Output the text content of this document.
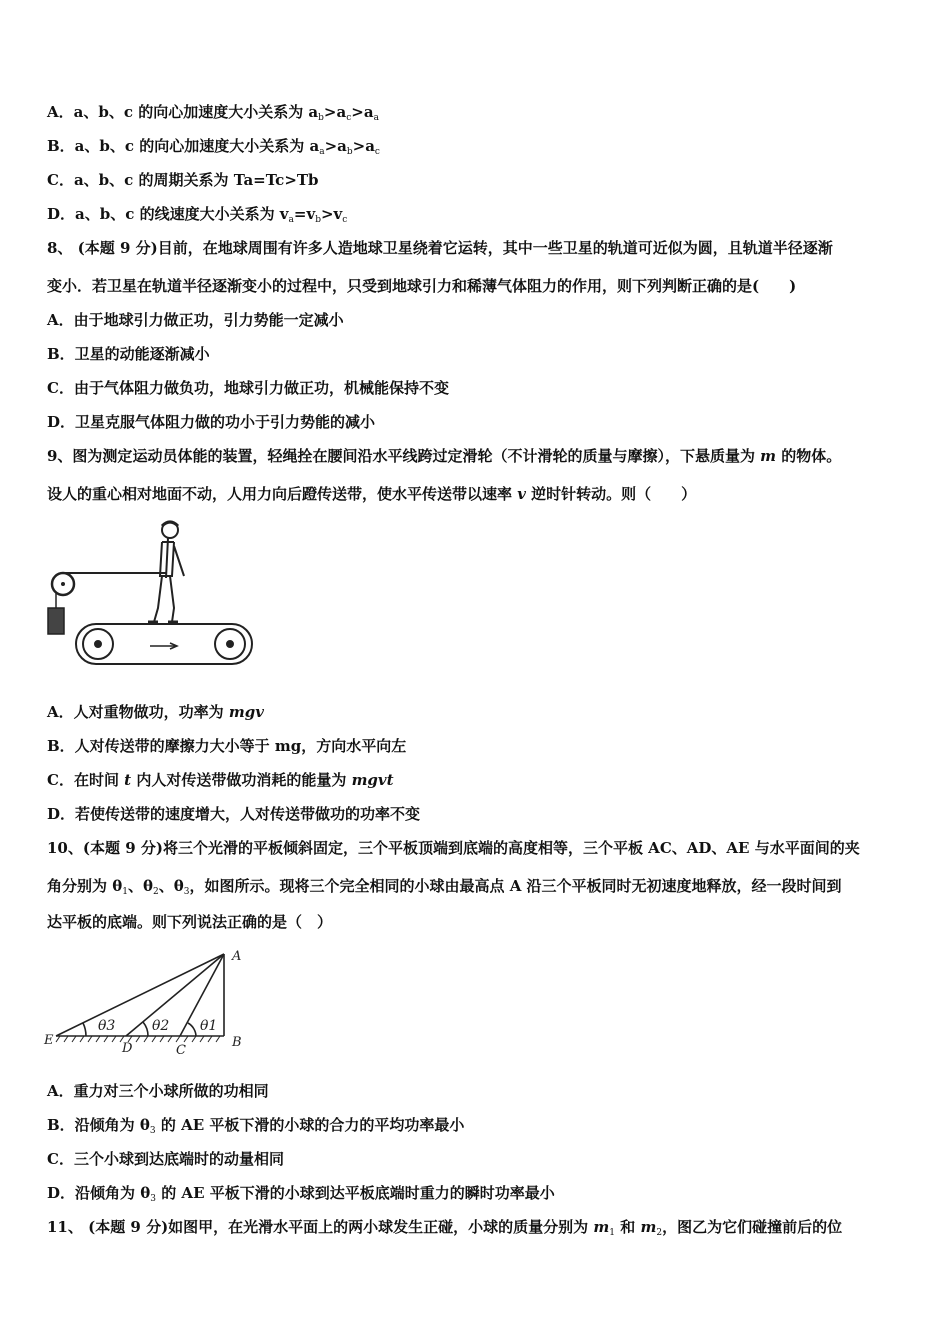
A．a、b、c 的向心加速度大小关系为 $a_b>a_c>a_a$
B．a、b、c 的向心加速度大小关系为 $a_a>a_b>a_c$
C．a、b、c 的周期关系为 Ta=Tc>Tb
D．a、b、c 的线速度大小关系为 $v_a=v_b>v_c$
8、 (本题 9 分)目前，在地球周围有许多人造地球卫星绕着它运转，其中一些卫星的轨道可近似为圆，且轨道半径逐渐
变小．若卫星在轨道半径逐渐变小的过程中，只受到地球引力和稀薄气体阻力的作用，则下列判断正确的是(　　)
A．由于地球引力做正功，引力势能一定减小
B．卫星的动能逐渐减小
C．由于气体阻力做负功，地球引力做正功，机械能保持不变
D．卫星克服气体阻力做的功小于引力势能的减小
9、图为测定运动员体能的装置，轻绳拴在腰间沿水平线跨过定滑轮（不计滑轮的质量与摩擦），下悬质量为 m 的物体。
设人的重心相对地面不动，人用力向后蹬传送带，使水平传送带以速率 v 逆时针转动。则（　　）
A．人对重物做功，功率为 mgv
B．人对传送带的摩擦力大小等于 mg，方向水平向左
C．在时间 t 内人对传送带做功消耗的能量为 mgvt
D．若使传送带的速度增大，人对传送带做功的功率不变
10、(本题 9 分)将三个光滑的平板倾斜固定，三个平板顶端到底端的高度相等，三个平板 AC、AD、AE 与水平面间的夹
角分别为 $\theta_1$、$\theta_2$、$\theta_3$，如图所示。现将三个完全相同的小球由最高点 A 沿三个平板同时无初速度地释放，经一段时间到
达平板的底端。则下列说法正确的是（　）
A
B
C
D
E
θ1
θ2
θ3
A．重力对三个小球所做的功相同
B．沿倾角为 $\theta_3$ 的 AE 平板下滑的小球的合力的平均功率最小
C．三个小球到达底端时的动量相同
D．沿倾角为 $\theta_3$ 的 AE 平板下滑的小球到达平板底端时重力的瞬时功率最小
11、 (本题 9 分)如图甲，在光滑水平面上的两小球发生正碰，小球的质量分别为 $m_1$ 和 $m_2$，图乙为它们碰撞前后的位
